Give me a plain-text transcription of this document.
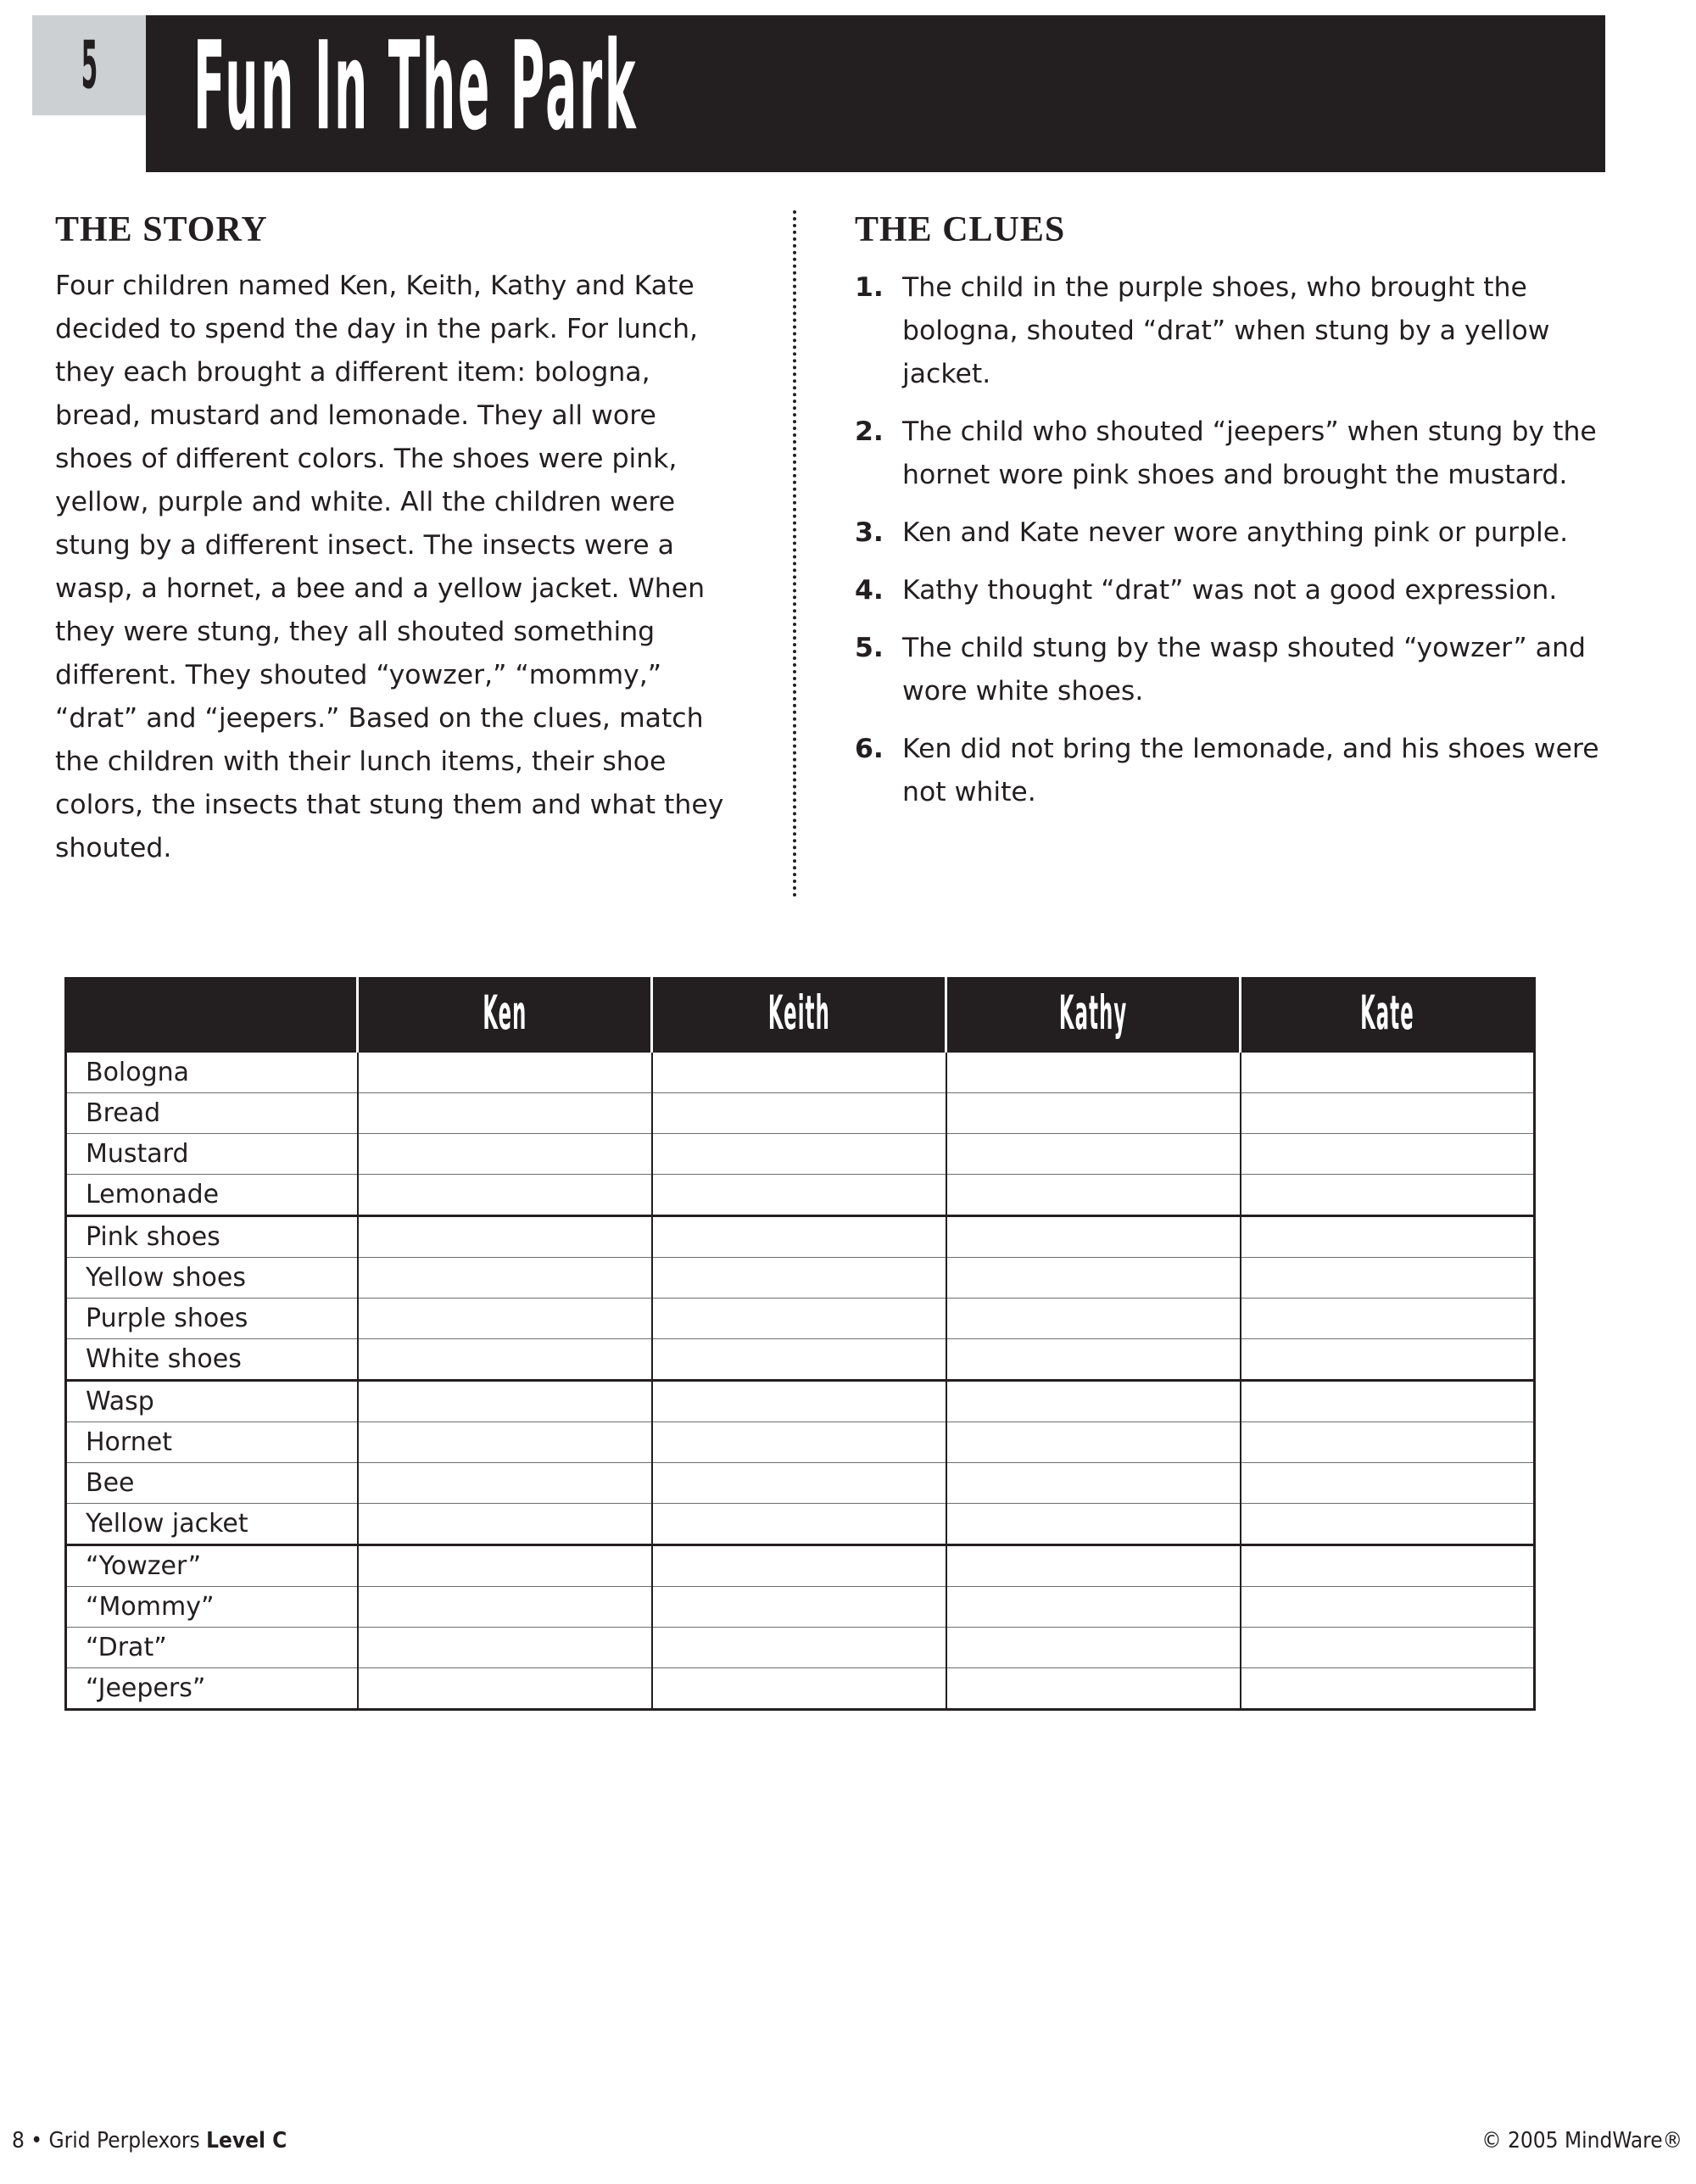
5 Fun In The Park
THE STORY

Four children named Ken, Keith, Kathy and Kate decided to spend the day in the park. For lunch, they each brought a different item: bologna, bread, mustard and lemonade. They all wore shoes of different colors. The shoes were pink, yellow, purple and white. All the children were stung by a different insect. The insects were a wasp, a hornet, a bee and a yellow jacket. When they were stung, they all shouted something different. They shouted “yowzer,” “mommy,” “drat” and “jeepers.” Based on the clues, match the children with their lunch items, their shoe colors, the insects that stung them and what they shouted.

THE CLUES
1. The child in the purple shoes, who brought the bologna, shouted “drat” when stung by a yellow jacket.
2. The child who shouted “jeepers” when stung by the hornet wore pink shoes and brought the mustard.
3. Ken and Kate never wore anything pink or purple.
4. Kathy thought “drat” was not a good expression.
5. The child stung by the wasp shouted “yowzer” and wore white shoes.
6. Ken did not bring the lemonade, and his shoes were not white.
	Ken	Keith	Kathy	Kate
Bologna				
Bread				
Mustard				
Lemonade				
Pink shoes				
Yellow shoes				
Purple shoes				
White shoes				
Wasp				
Hornet				
Bee				
Yellow jacket				
“Yowzer”				
“Mommy”				
“Drat”				
“Jeepers”				
8 • Grid Perplexors Level C	© 2005 MindWare®
